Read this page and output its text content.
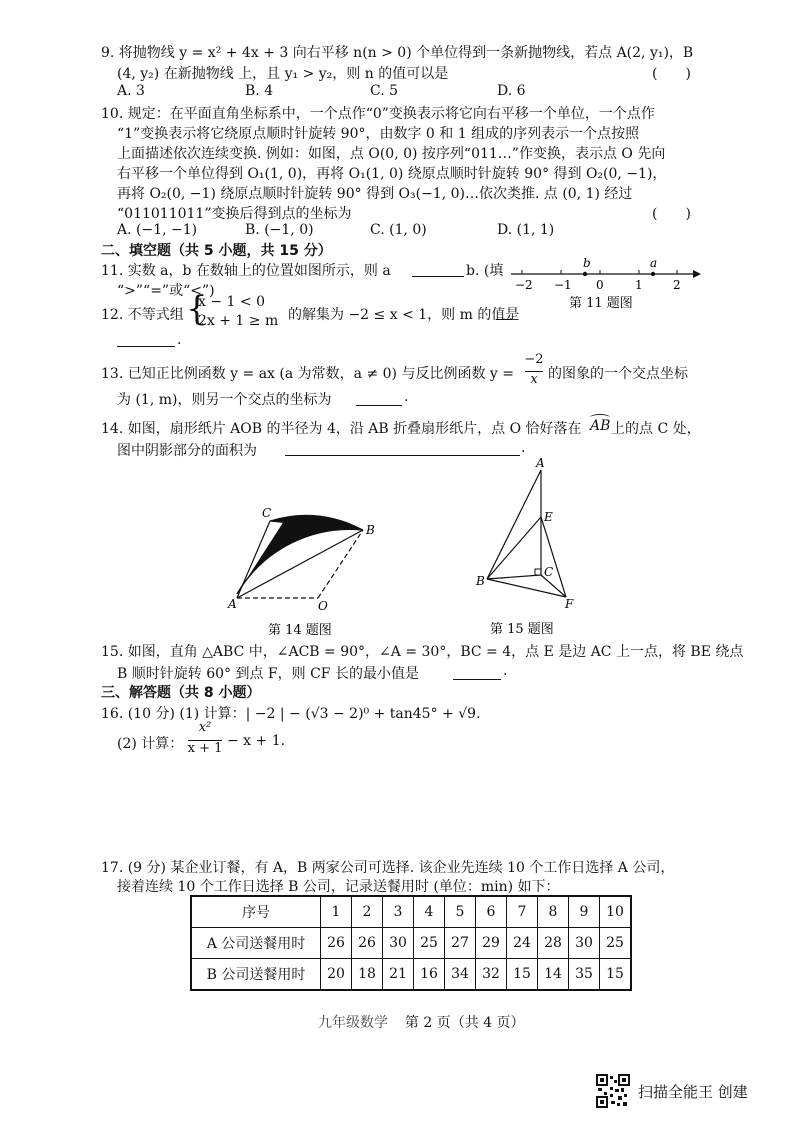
9. 将抛物线 y = x² + 4x + 3 向右平移 n(n > 0) 个单位得到一条新抛物线，若点 A(2, y₁)，B
(4, y₂) 在新抛物线 上，且 y₁ > y₂，则 n 的值可以是	(　　)
A. 3	B. 4	C. 5	D. 6
10. 规定：在平面直角坐标系中，一个点作“0”变换表示将它向右平移一个单位，一个点作
“1”变换表示将它绕原点顺时针旋转 90°，由数字 0 和 1 组成的序列表示一个点按照
上面描述依次连续变换. 例如：如图，点 O(0, 0) 按序列“011…”作变换，表示点 O 先向
右平移一个单位得到 O₁(1, 0)，再将 O₁(1, 0) 绕原点顺时针旋转 90° 得到 O₂(0, −1)，
再将 O₂(0, −1) 绕原点顺时针旋转 90° 得到 O₃(−1, 0)…依次类推. 点 (0, 1) 经过
“011011011”变换后得到点的坐标为	(　　)
A. (−1, −1)	B. (−1, 0)	C. (1, 0)	D. (1, 1)
二、填空题（共 5 小题，共 15 分）
11. 实数 a，b 在数轴上的位置如图所示，则 a	b. (填
“>”“=”或“<”)
b	a
−2 −1 0	1	2
第 11 题图
12. 不等式组 {
x − 1 < 0
2x + 1 ≥ m 的解集为 −2 ≤ x < 1，则 m 的值是
.
13. 已知正比例函数 y = ax (a 为常数，a ≠ 0) 与反比例函数 y =
−2
x 的图象的一个交点坐标
为 (1, m)，则另一个交点的坐标为	.
14. 如图，扇形纸片 AOB 的半径为 4，沿 AB 折叠扇形纸片，点 O 恰好落在 AB 上的点 C 处，
图中阴影部分的面积为	.
C
B
A	O
第 14 题图
A
E
C
B
F
第 15 题图
15. 如图，直角 △ABC 中，∠ACB = 90°，∠A = 30°，BC = 4，点 E 是边 AC 上一点，将 BE 绕点
B 顺时针旋转 60° 到点 F，则 CF 长的最小值是	.
三、解答题（共 8 小题）
16. (10 分) (1) 计算：| −2 | − (√3 − 2)⁰ + tan45° + √9.
(2) 计算：
x²
x + 1 − x + 1.
17. (9 分) 某企业订餐，有 A，B 两家公司可选择. 该企业先连续 10 个工作日选择 A 公司，
接着连续 10 个工作日选择 B 公司，记录送餐用时 (单位：min) 如下：
序号	1	2	3	4	5	6	7	8	9	10
A 公司送餐用时	26	26	30	25	27	29	24	28	30	25
B 公司送餐用时	20	18	21	16	34	32	15	14	35	15
九年级数学 第 2 页（共 4 页）
扫描全能王 创建
